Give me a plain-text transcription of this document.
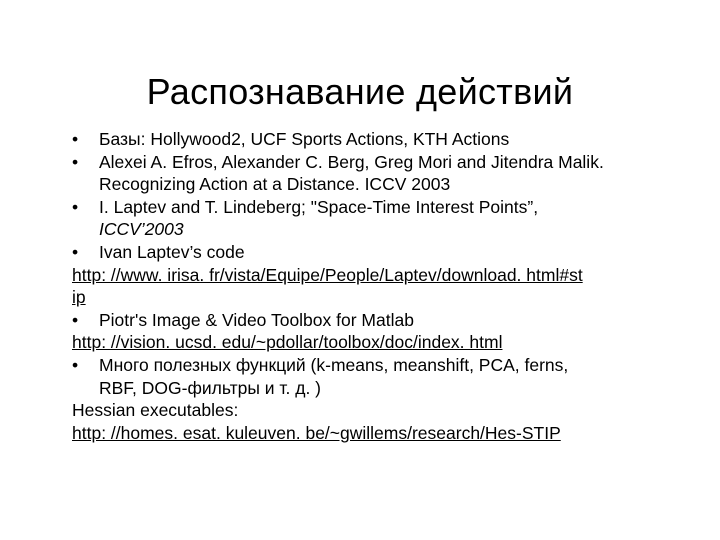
Распознавание действий
• Базы: Hollywood2, UCF Sports Actions, KTH Actions
• Alexei A. Efros, Alexander C. Berg, Greg Mori and Jitendra Malik.
Recognizing Action at a Distance. ICCV 2003
• I. Laptev and T. Lindeberg; "Space-Time Interest Points”,
ICCV’2003
• Ivan Laptev’s code
http: //www. irisa. fr/vista/Equipe/People/Laptev/download. html#st
ip
• Piotr's Image & Video Toolbox for Matlab
http: //vision. ucsd. edu/~pdollar/toolbox/doc/index. html
• Много полезных функций (k-means, meanshift, PCA, ferns,
RBF, DOG-фильтры и т. д. )
Hessian executables:
http: //homes. esat. kuleuven. be/~gwillems/research/Hes-STIP
